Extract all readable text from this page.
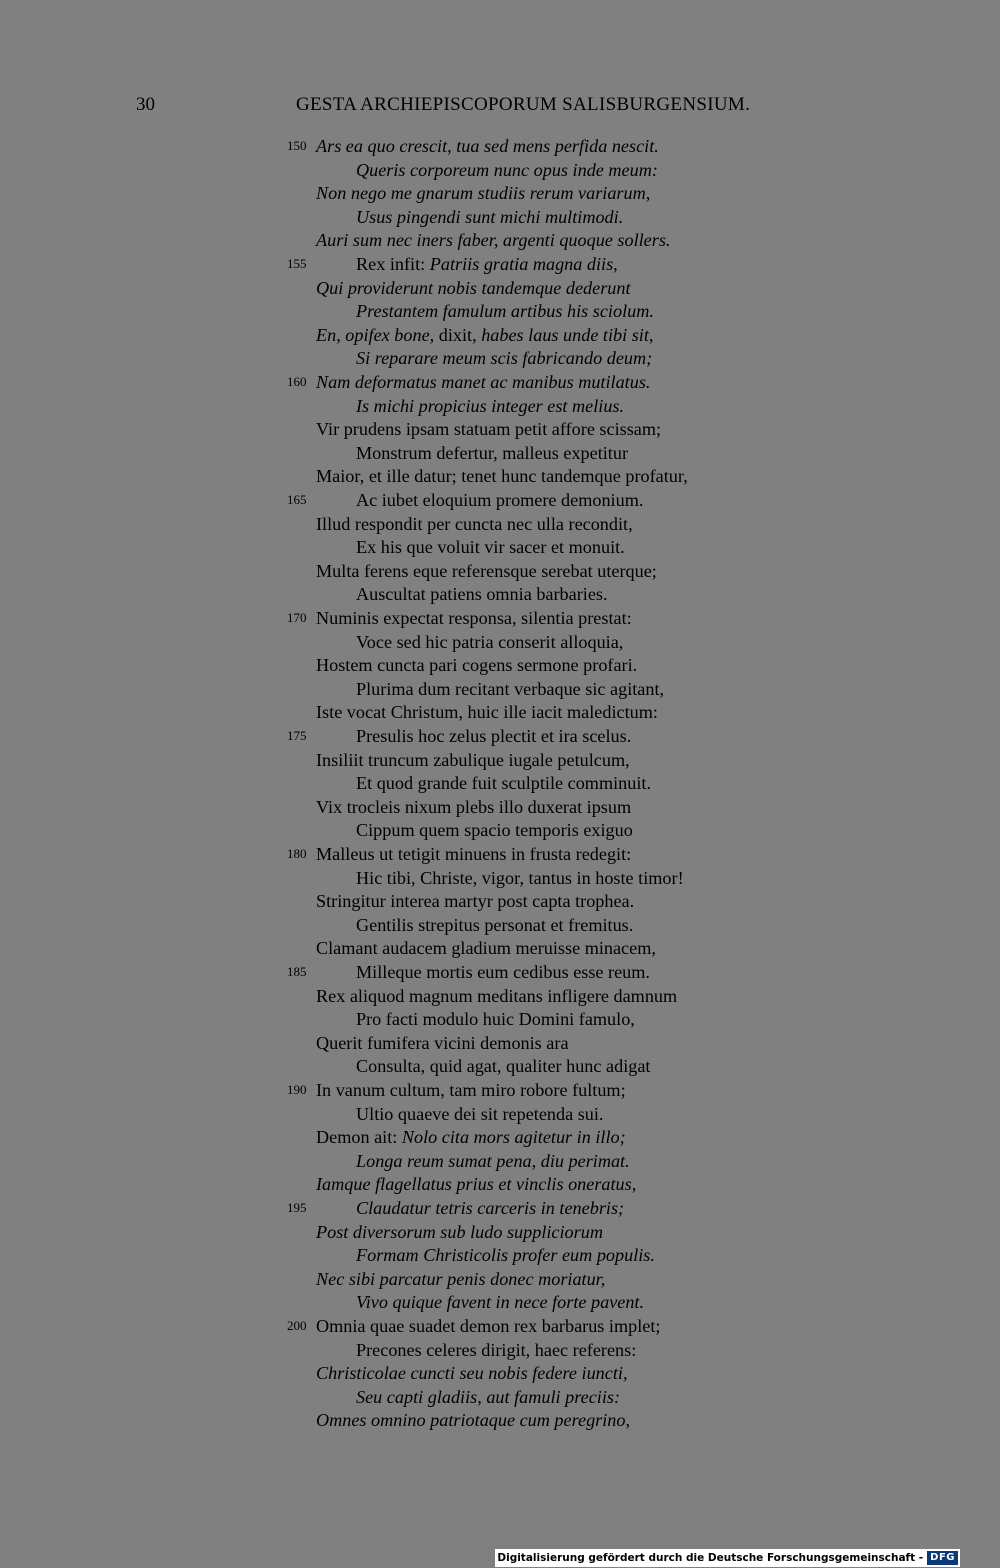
30	GESTA ARCHIEPISCOPORUM SALISBURGENSIUM.
150 Ars ea quo crescit, tua sed mens perfida nescit.
Queris corporeum nunc opus inde meum:
Non nego me gnarum studiis rerum variarum,
Usus pingendi sunt michi multimodi.
Auri sum nec iners faber, argenti quoque sollers.
155	Rex infit: Patriis gratia magna diis,
Qui providerunt nobis tandemque dederunt
Prestantem famulum artibus his sciolum.
En, opifex bone, dixit, habes laus unde tibi sit,
Si reparare meum scis fabricando deum;
160 Nam deformatus manet ac manibus mutilatus.
Is michi propicius integer est melius.
Vir prudens ipsam statuam petit affore scissam;
Monstrum defertur, malleus expetitur
Maior, et ille datur; tenet hunc tandemque profatur,
165	Ac iubet eloquium promere demonium.
Illud respondit per cuncta nec ulla recondit,
Ex his que voluit vir sacer et monuit.
Multa ferens eque referensque serebat uterque;
Auscultat patiens omnia barbaries.
170 Numinis expectat responsa, silentia prestat:
Voce sed hic patria conserit alloquia,
Hostem cuncta pari cogens sermone profari.
Plurima dum recitant verbaque sic agitant,
Iste vocat Christum, huic ille iacit maledictum:
175	Presulis hoc zelus plectit et ira scelus.
Insiliit truncum zabulique iugale petulcum,
Et quod grande fuit sculptile comminuit.
Vix trocleis nixum plebs illo duxerat ipsum
Cippum quem spacio temporis exiguo
180 Malleus ut tetigit minuens in frusta redegit:
Hic tibi, Christe, vigor, tantus in hoste timor!
Stringitur interea martyr post capta trophea.
Gentilis strepitus personat et fremitus.
Clamant audacem gladium meruisse minacem,
185	Milleque mortis eum cedibus esse reum.
Rex aliquod magnum meditans infligere damnum
Pro facti modulo huic Domini famulo,
Querit fumifera vicini demonis ara
Consulta, quid agat, qualiter hunc adigat
190 In vanum cultum, tam miro robore fultum;
Ultio quaeve dei sit repetenda sui.
Demon ait: Nolo cita mors agitetur in illo;
Longa reum sumat pena, diu perimat.
Iamque flagellatus prius et vinclis oneratus,
195	Claudatur tetris carceris in tenebris;
Post diversorum sub ludo suppliciorum
Formam Christicolis profer eum populis.
Nec sibi parcatur penis donec moriatur,
Vivo quique favent in nece forte pavent.
200 Omnia quae suadet demon rex barbarus implet;
Precones celeres dirigit, haec referens:
Christicolae cuncti seu nobis federe iuncti,
Seu capti gladiis, aut famuli preciis:
Omnes omnino patriotaque cum peregrino,
Digitalisierung gefördert durch die Deutsche Forschungsgemeinschaft - DFG
